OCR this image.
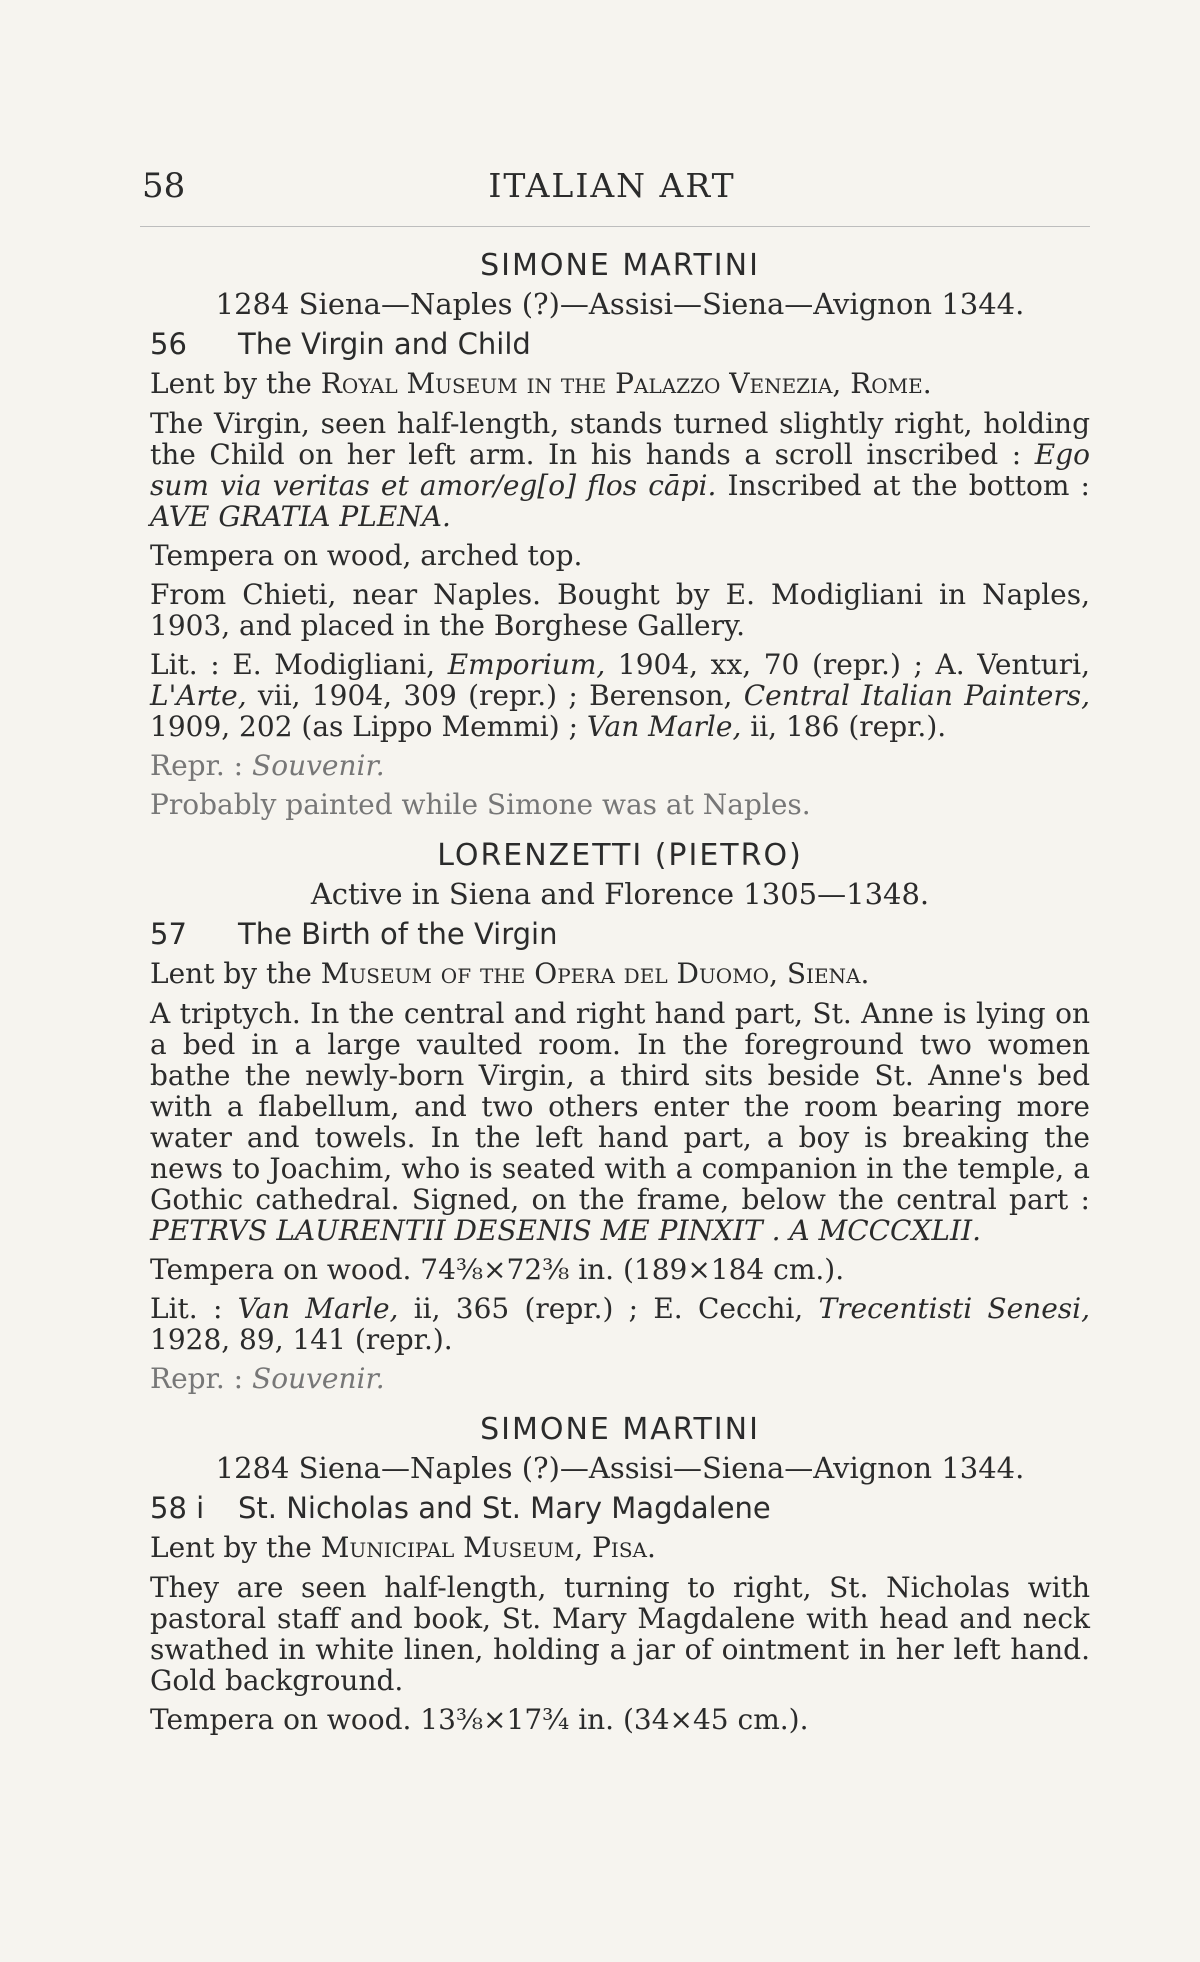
58	ITALIAN ART
SIMONE MARTINI
1284 Siena—Naples (?)—Assisi—Siena—Avignon 1344.
56	The Virgin and Child
Lent by the Royal Museum in the Palazzo Venezia, Rome.

The Virgin, seen half-length, stands turned slightly right, holding the Child on her left arm. In his hands a scroll inscribed : Ego sum via veritas et amor/eg[o] flos cāpi. Inscribed at the bottom : AVE GRATIA PLENA.

Tempera on wood, arched top.

From Chieti, near Naples. Bought by E. Modigliani in Naples, 1903, and placed in the Borghese Gallery.

Lit. : E. Modigliani, Emporium, 1904, xx, 70 (repr.) ; A. Venturi, L'Arte, vii, 1904, 309 (repr.) ; Berenson, Central Italian Painters, 1909, 202 (as Lippo Memmi) ; Van Marle, ii, 186 (repr.).

Repr. : Souvenir.

Probably painted while Simone was at Naples.

LORENZETTI (PIETRO)
Active in Siena and Florence 1305—1348.
57	The Birth of the Virgin
Lent by the Museum of the Opera del Duomo, Siena.

A triptych. In the central and right hand part, St. Anne is lying on a bed in a large vaulted room. In the foreground two women bathe the newly-born Virgin, a third sits beside St. Anne's bed with a flabellum, and two others enter the room bearing more water and towels. In the left hand part, a boy is breaking the news to Joachim, who is seated with a companion in the temple, a Gothic cathedral. Signed, on the frame, below the central part : PETRVS LAURENTII DESENIS ME PINXIT . A MCCCXLII.

Tempera on wood. 74⅜×72⅜ in. (189×184 cm.).

Lit. : Van Marle, ii, 365 (repr.) ; E. Cecchi, Trecentisti Senesi, 1928, 89, 141 (repr.).

Repr. : Souvenir.

SIMONE MARTINI
1284 Siena—Naples (?)—Assisi—Siena—Avignon 1344.
58 i St. Nicholas and St. Mary Magdalene
Lent by the Municipal Museum, Pisa.

They are seen half-length, turning to right, St. Nicholas with pastoral staff and book, St. Mary Magdalene with head and neck swathed in white linen, holding a jar of ointment in her left hand. Gold background.

Tempera on wood. 13⅜×17¾ in. (34×45 cm.).
